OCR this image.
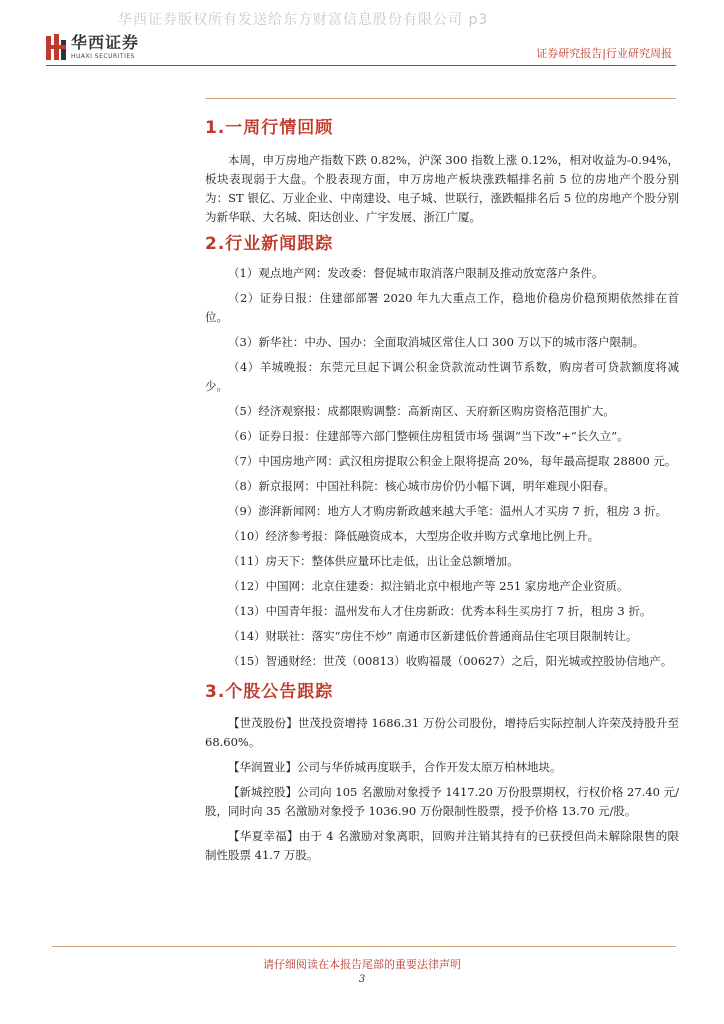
华西证券版权所有发送给东方财富信息股份有限公司 p3
华西证券
HUAXI SECURITIES	证券研究报告|行业研究周报
1.一周行情回顾

本周，申万房地产指数下跌 0.82%，沪深 300 指数上涨 0.12%，相对收益为-0.94%，板块表现弱于大盘。个股表现方面，申万房地产板块涨跌幅排名前 5 位的房地产个股分别为：ST 银亿、万业企业、中南建设、电子城、世联行，涨跌幅排名后 5 位的房地产个股分别为新华联、大名城、阳达创业、广宇发展、浙江广厦。

2.行业新闻跟踪

（1）观点地产网：发改委：督促城市取消落户限制及推动放宽落户条件。

（2）证券日报：住建部部署 2020 年九大重点工作，稳地价稳房价稳预期依然排在首位。

（3）新华社：中办、国办：全面取消城区常住人口 300 万以下的城市落户限制。

（4）羊城晚报：东莞元旦起下调公积金贷款流动性调节系数，购房者可贷款额度将减少。

（5）经济观察报：成都限购调整：高新南区、天府新区购房资格范围扩大。

（6）证券日报：住建部等六部门整顿住房租赁市场 强调“当下改”+“长久立”。

（7）中国房地产网：武汉租房提取公积金上限将提高 20%，每年最高提取 28800 元。

（8）新京报网：中国社科院：核心城市房价仍小幅下调，明年难现小阳春。

（9）澎湃新闻网：地方人才购房新政越来越大手笔：温州人才买房 7 折，租房 3 折。

（10）经济参考报：降低融资成本，大型房企收并购方式拿地比例上升。

（11）房天下：整体供应量环比走低，出让金总额增加。

（12）中国网：北京住建委：拟注销北京中根地产等 251 家房地产企业资质。

（13）中国青年报：温州发布人才住房新政：优秀本科生买房打 7 折，租房 3 折。

（14）财联社：落实“房住不炒” 南通市区新建低价普通商品住宅项目限制转让。

（15）智通财经：世茂（00813）收购福晟（00627）之后，阳光城或控股协信地产。

3.个股公告跟踪

【世茂股份】世茂投资增持 1686.31 万份公司股份，增持后实际控制人许荣茂持股升至 68.60%。

【华润置业】公司与华侨城再度联手，合作开发太原万柏林地块。

【新城控股】公司向 105 名激励对象授予 1417.20 万份股票期权，行权价格 27.40 元/股，同时向 35 名激励对象授予 1036.90 万份限制性股票，授予价格 13.70 元/股。

【华夏幸福】由于 4 名激励对象离职，回购并注销其持有的已获授但尚未解除限售的限制性股票 41.7 万股。

请仔细阅读在本报告尾部的重要法律声明
3
